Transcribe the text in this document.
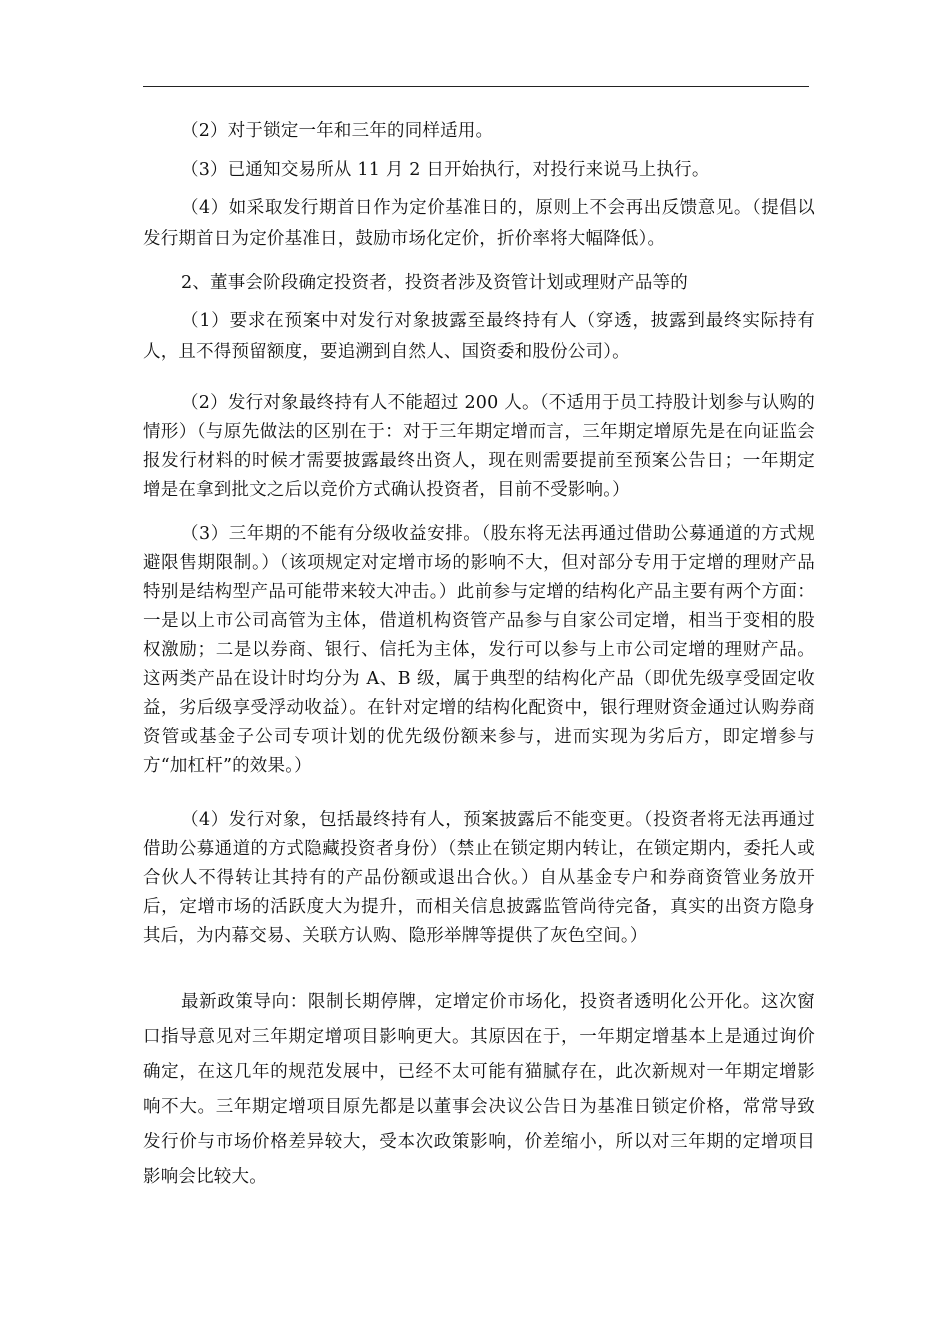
（2）对于锁定一年和三年的同样适用。

（3）已通知交易所从 11 月 2 日开始执行，对投行来说马上执行。

（4）如采取发行期首日作为定价基准日的，原则上不会再出反馈意见。（提倡以发行期首日为定价基准日，鼓励市场化定价，折价率将大幅降低）。

2、董事会阶段确定投资者，投资者涉及资管计划或理财产品等的

（1）要求在预案中对发行对象披露至最终持有人（穿透，披露到最终实际持有人，且不得预留额度，要追溯到自然人、国资委和股份公司）。

（2）发行对象最终持有人不能超过 200 人。（不适用于员工持股计划参与认购的情形）（与原先做法的区别在于：对于三年期定增而言，三年期定增原先是在向证监会报发行材料的时候才需要披露最终出资人，现在则需要提前至预案公告日；一年期定增是在拿到批文之后以竞价方式确认投资者，目前不受影响。）

（3）三年期的不能有分级收益安排。（股东将无法再通过借助公募通道的方式规避限售期限制。）（该项规定对定增市场的影响不大，但对部分专用于定增的理财产品特别是结构型产品可能带来较大冲击。）此前参与定增的结构化产品主要有两个方面：一是以上市公司高管为主体，借道机构资管产品参与自家公司定增，相当于变相的股权激励；二是以券商、银行、信托为主体，发行可以参与上市公司定增的理财产品。这两类产品在设计时均分为 A、B 级，属于典型的结构化产品（即优先级享受固定收益，劣后级享受浮动收益）。在针对定增的结构化配资中，银行理财资金通过认购券商资管或基金子公司专项计划的优先级份额来参与，进而实现为劣后方，即定增参与方“加杠杆”的效果。）

（4）发行对象，包括最终持有人，预案披露后不能变更。（投资者将无法再通过借助公募通道的方式隐藏投资者身份）（禁止在锁定期内转让，在锁定期内，委托人或合伙人不得转让其持有的产品份额或退出合伙。）自从基金专户和券商资管业务放开后，定增市场的活跃度大为提升，而相关信息披露监管尚待完备，真实的出资方隐身其后，为内幕交易、关联方认购、隐形举牌等提供了灰色空间。）

最新政策导向：限制长期停牌，定增定价市场化，投资者透明化公开化。这次窗口指导意见对三年期定增项目影响更大。其原因在于，一年期定增基本上是通过询价确定，在这几年的规范发展中，已经不太可能有猫腻存在，此次新规对一年期定增影响不大。三年期定增项目原先都是以董事会决议公告日为基准日锁定价格，常常导致发行价与市场价格差异较大，受本次政策影响，价差缩小，所以对三年期的定增项目影响会比较大。
